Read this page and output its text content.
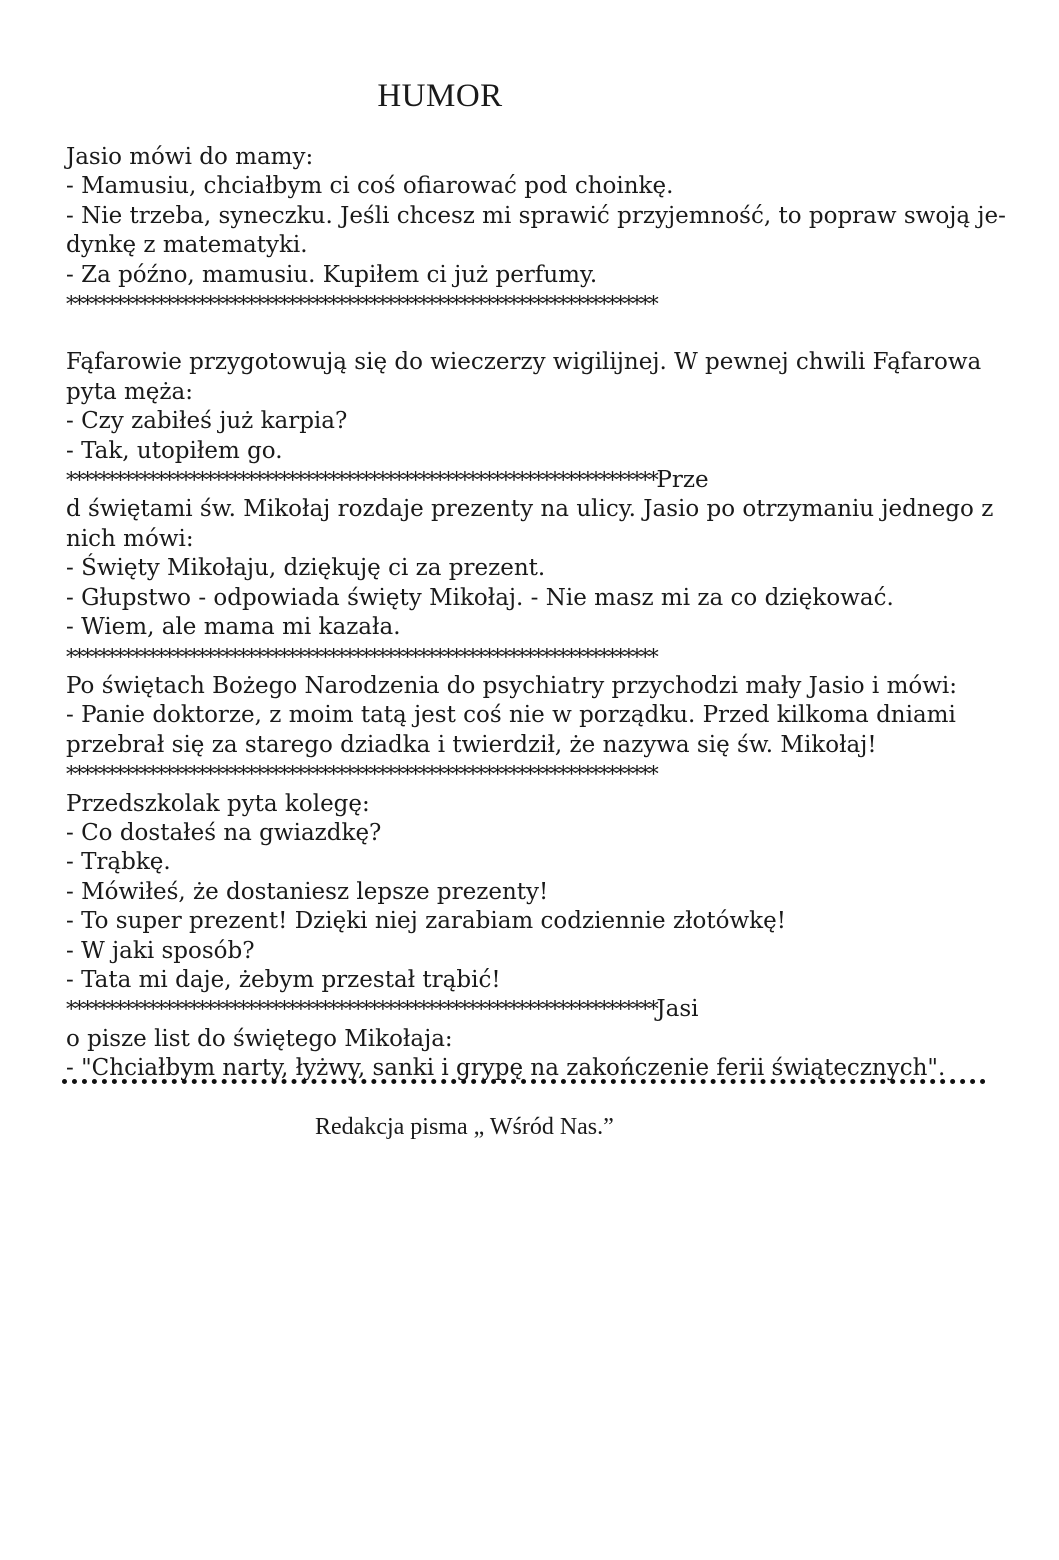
HUMOR
Jasio mówi do mamy:
- Mamusiu, chciałbym ci coś ofiarować pod choinkę.
- Nie trzeba, syneczku. Jeśli chcesz mi sprawić przyjemność, to popraw swoją je-
dynkę z matematyki.
- Za późno, mamusiu. Kupiłem ci już perfumy.
************************************************************************
Fąfarowie przygotowują się do wieczerzy wigilijnej. W pewnej chwili Fąfarowa
pyta męża:
- Czy zabiłeś już karpia?
- Tak, utopiłem go.
************************************************************************Prze
d świętami św. Mikołaj rozdaje prezenty na ulicy. Jasio po otrzymaniu jednego z
nich mówi:
- Święty Mikołaju, dziękuję ci za prezent.
- Głupstwo - odpowiada święty Mikołaj. - Nie masz mi za co dziękować.
- Wiem, ale mama mi kazała.
************************************************************************
Po świętach Bożego Narodzenia do psychiatry przychodzi mały Jasio i mówi:
- Panie doktorze, z moim tatą jest coś nie w porządku. Przed kilkoma dniami
przebrał się za starego dziadka i twierdził, że nazywa się św. Mikołaj!
************************************************************************
Przedszkolak pyta kolegę:
- Co dostałeś na gwiazdkę?
- Trąbkę.
- Mówiłeś, że dostaniesz lepsze prezenty!
- To super prezent! Dzięki niej zarabiam codziennie złotówkę!
- W jaki sposób?
- Tata mi daje, żebym przestał trąbić!
************************************************************************Jasi
o pisze list do świętego Mikołaja:
- "Chciałbym narty, łyżwy, sanki i grypę na zakończenie ferii świątecznych".
Redakcja pisma „ Wśród Nas.”
